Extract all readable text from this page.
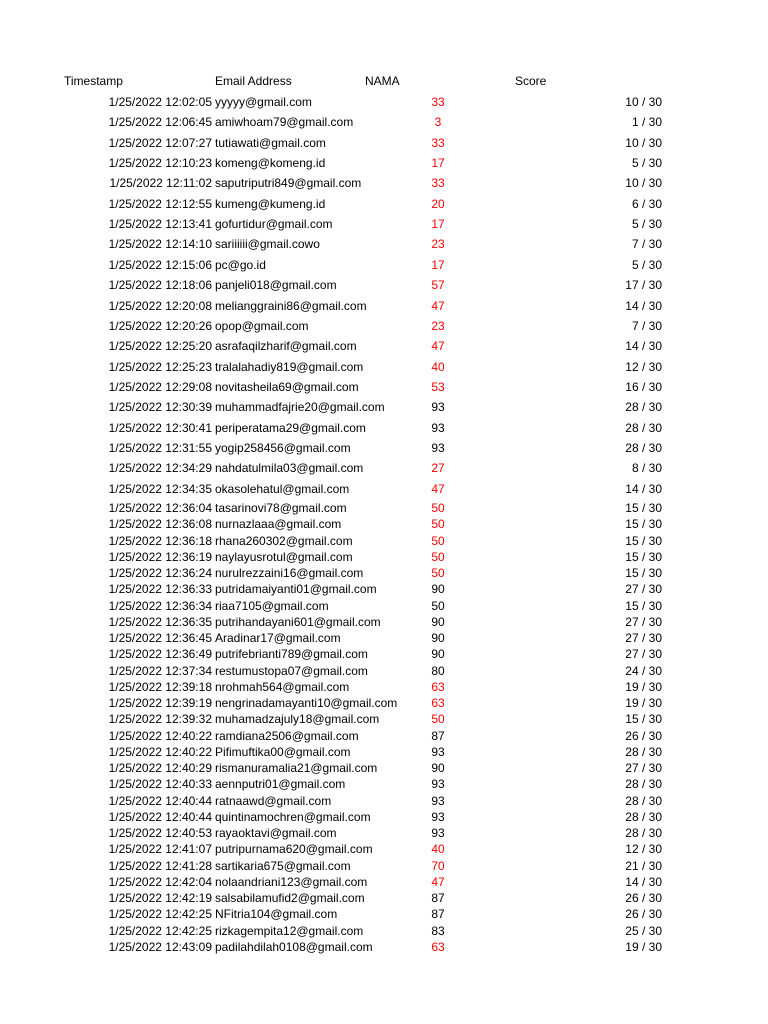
Timestamp	Email Address	NAMA	Score
1/25/2022 12:02:05 yyyyy@gmail.com	33	10 / 30
1/25/2022 12:06:45 amiwhoam79@gmail.com	3	1 / 30
1/25/2022 12:07:27 tutiawati@gmail.com	33	10 / 30
1/25/2022 12:10:23 komeng@komeng.id	17	5 / 30
1/25/2022 12:11:02 saputriputri849@gmail.com	33	10 / 30
1/25/2022 12:12:55 kumeng@kumeng.id	20	6 / 30
1/25/2022 12:13:41 gofurtidur@gmail.com	17	5 / 30
1/25/2022 12:14:10 sariiiiii@gmail.cowo	23	7 / 30
1/25/2022 12:15:06 pc@go.id	17	5 / 30
1/25/2022 12:18:06 panjeli018@gmail.com	57	17 / 30
1/25/2022 12:20:08 melianggraini86@gmail.com	47	14 / 30
1/25/2022 12:20:26 opop@gmail.com	23	7 / 30
1/25/2022 12:25:20 asrafaqilzharif@gmail.com	47	14 / 30
1/25/2022 12:25:23 tralalahadiy819@gmail.com	40	12 / 30
1/25/2022 12:29:08 novitasheila69@gmail.com	53	16 / 30
1/25/2022 12:30:39 muhammadfajrie20@gmail.com	93	28 / 30
1/25/2022 12:30:41 periperatama29@gmail.com	93	28 / 30
1/25/2022 12:31:55 yogip258456@gmail.com	93	28 / 30
1/25/2022 12:34:29 nahdatulmila03@gmail.com	27	8 / 30
1/25/2022 12:34:35 okasolehatul@gmail.com	47	14 / 30
1/25/2022 12:36:04 tasarinovi78@gmail.com	50	15 / 30
1/25/2022 12:36:08 nurnazlaaa@gmail.com	50	15 / 30
1/25/2022 12:36:18 rhana260302@gmail.com	50	15 / 30
1/25/2022 12:36:19 naylayusrotul@gmail.com	50	15 / 30
1/25/2022 12:36:24 nurulrezzaini16@gmail.com	50	15 / 30
1/25/2022 12:36:33 putridamaiyanti01@gmail.com	90	27 / 30
1/25/2022 12:36:34 riaa7105@gmail.com	50	15 / 30
1/25/2022 12:36:35 putrihandayani601@gmail.com	90	27 / 30
1/25/2022 12:36:45 Aradinar17@gmail.com	90	27 / 30
1/25/2022 12:36:49 putrifebrianti789@gmail.com	90	27 / 30
1/25/2022 12:37:34 restumustopa07@gmail.com	80	24 / 30
1/25/2022 12:39:18 nrohmah564@gmail.com	63	19 / 30
1/25/2022 12:39:19 nengrinadamayanti10@gmail.com	63	19 / 30
1/25/2022 12:39:32 muhamadzajuly18@gmail.com	50	15 / 30
1/25/2022 12:40:22 ramdiana2506@gmail.com	87	26 / 30
1/25/2022 12:40:22 Pifimuftika00@gmail.com	93	28 / 30
1/25/2022 12:40:29 rismanuramalia21@gmail.com	90	27 / 30
1/25/2022 12:40:33 aennputri01@gmail.com	93	28 / 30
1/25/2022 12:40:44 ratnaawd@gmail.com	93	28 / 30
1/25/2022 12:40:44 quintinamochren@gmail.com	93	28 / 30
1/25/2022 12:40:53 rayaoktavi@gmail.com	93	28 / 30
1/25/2022 12:41:07 putripurnama620@gmail.com	40	12 / 30
1/25/2022 12:41:28 sartikaria675@gmail.com	70	21 / 30
1/25/2022 12:42:04 nolaandriani123@gmail.com	47	14 / 30
1/25/2022 12:42:19 salsabilamufid2@gmail.com	87	26 / 30
1/25/2022 12:42:25 NFitria104@gmail.com	87	26 / 30
1/25/2022 12:42:25 rizkagempita12@gmail.com	83	25 / 30
1/25/2022 12:43:09 padilahdilah0108@gmail.com	63	19 / 30
